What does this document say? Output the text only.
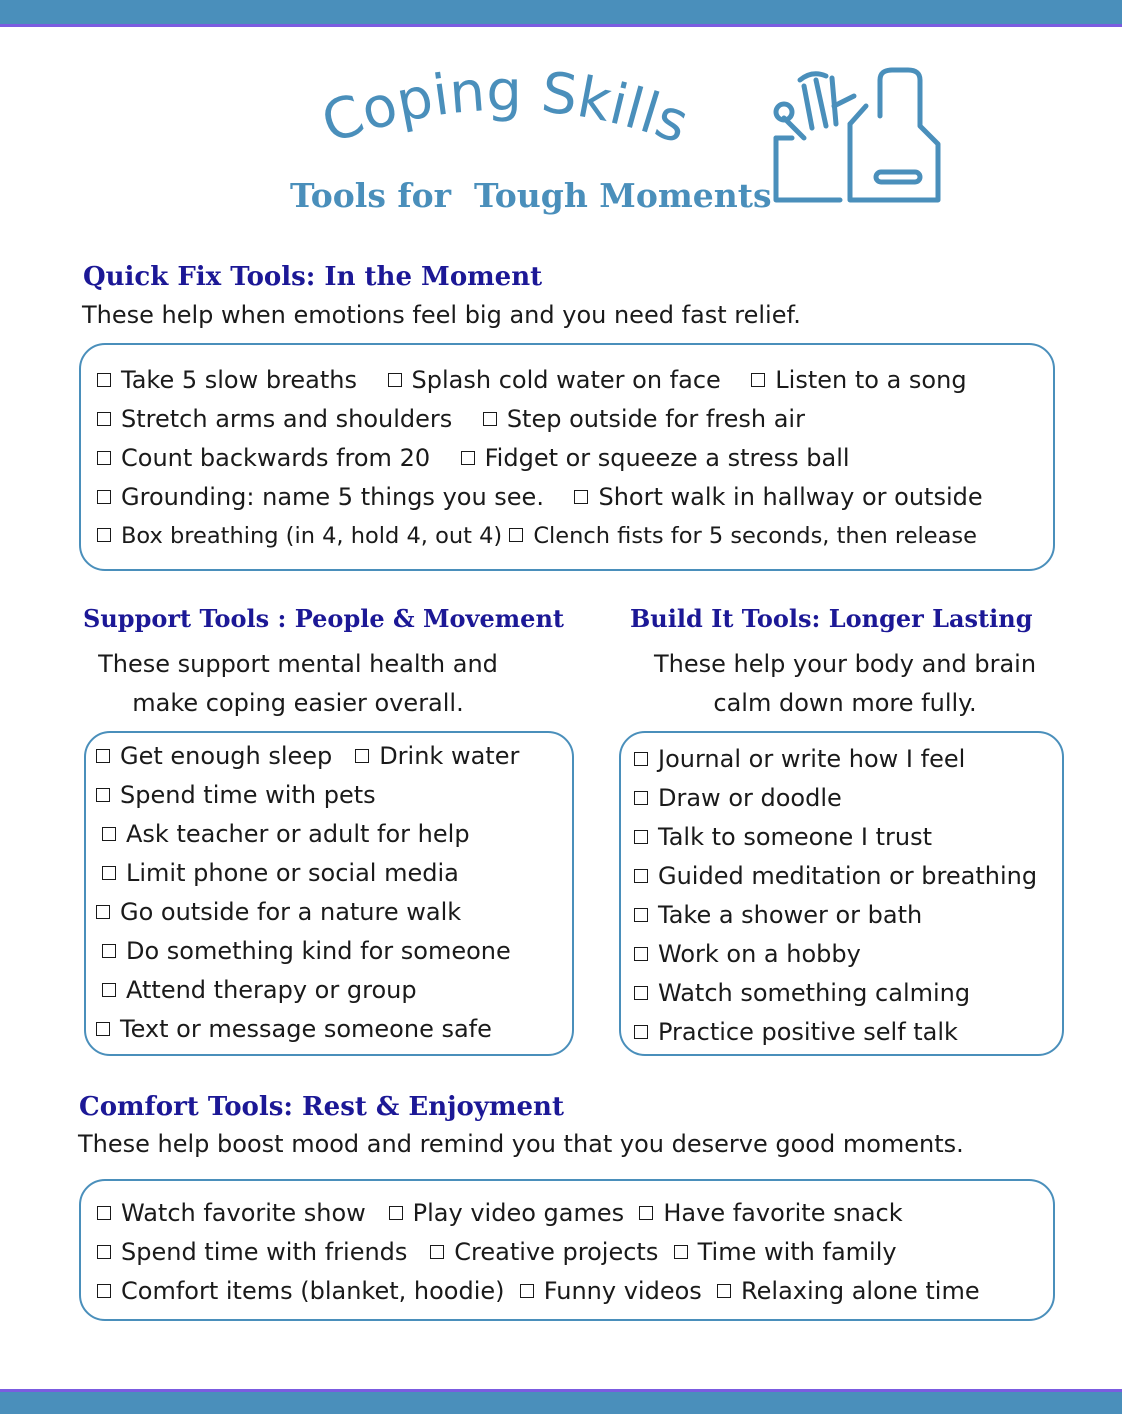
Coping Skills
Tools for  Tough Moments
Quick Fix Tools: In the Moment
These help when emotions feel big and you need fast relief.
Take 5 slow breaths Splash cold water on face Listen to a song
Stretch arms and shoulders Step outside for fresh air
Count backwards from 20 Fidget or squeeze a stress ball
Grounding: name 5 things you see. Short walk in hallway or outside
Box breathing (in 4, hold 4, out 4) Clench fists for 5 seconds, then release
Support Tools : People & Movement
These support mental health and make coping easier overall.
Get enough sleep Drink water
Spend time with pets
Ask teacher or adult for help
Limit phone or social media
Go outside for a nature walk
Do something kind for someone
Attend therapy or group
Text or message someone safe
Build It Tools: Longer Lasting
These help your body and brain calm down more fully.
Journal or write how I feel
Draw or doodle
Talk to someone I trust
Guided meditation or breathing
Take a shower or bath
Work on a hobby
Watch something calming
Practice positive self talk
Comfort Tools: Rest & Enjoyment
These help boost mood and remind you that you deserve good moments.
Watch favorite show Play video games Have favorite snack
Spend time with friends Creative projects Time with family
Comfort items (blanket, hoodie) Funny videos Relaxing alone time
